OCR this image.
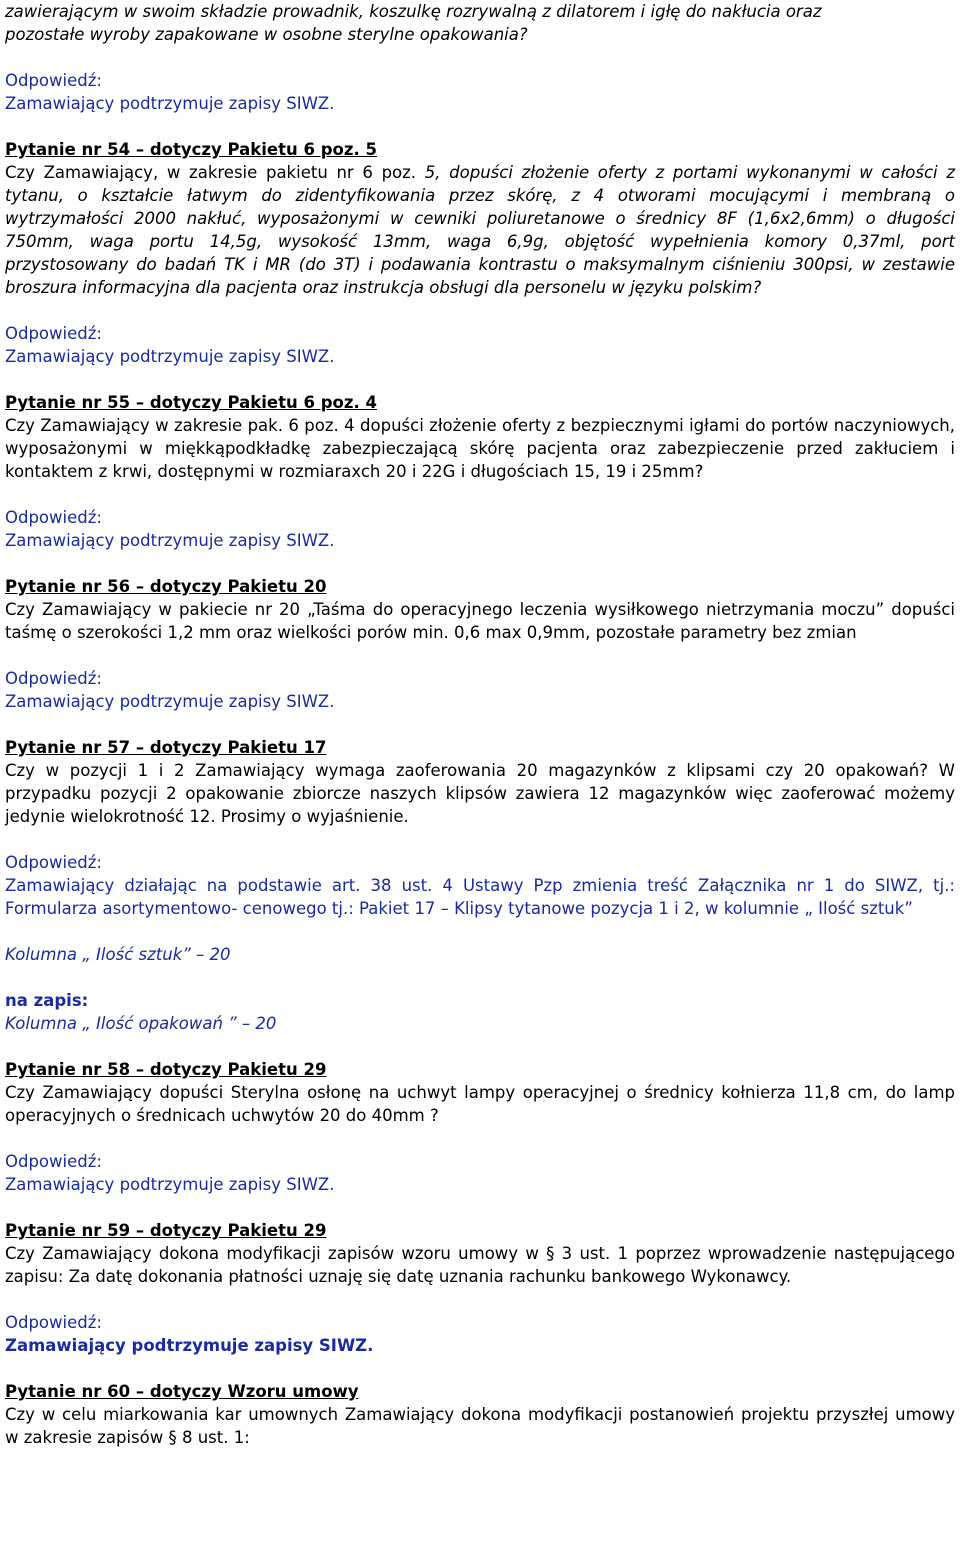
zawierającym w swoim składzie prowadnik, koszulkę rozrywalną z dilatorem i igłę do nakłucia oraz
pozostałe wyroby zapakowane w osobne sterylne opakowania?

Odpowiedź:
Zamawiający podtrzymuje zapisy SIWZ.

Pytanie nr 54 – dotyczy Pakietu 6 poz. 5
Czy Zamawiający, w zakresie pakietu nr 6 poz. 5, dopuści złożenie oferty z portami wykonanymi w całości z tytanu, o kształcie łatwym do zidentyfikowania przez skórę, z 4 otworami mocującymi i membraną o wytrzymałości 2000 nakłuć, wyposażonymi w cewniki poliuretanowe o średnicy 8F (1,6x2,6mm) o długości 750mm, waga portu 14,5g, wysokość 13mm, waga 6,9g, objętość wypełnienia komory 0,37ml, port przystosowany do badań TK i MR (do 3T) i podawania kontrastu o maksymalnym ciśnieniu 300psi, w zestawie broszura informacyjna dla pacjenta oraz instrukcja obsługi dla personelu w języku polskim?

Odpowiedź:
Zamawiający podtrzymuje zapisy SIWZ.

Pytanie nr 55 – dotyczy Pakietu 6 poz. 4
Czy Zamawiający w zakresie pak. 6 poz. 4 dopuści złożenie oferty z bezpiecznymi igłami do portów naczyniowych, wyposażonymi w miękkąpodkładkę zabezpieczającą skórę pacjenta oraz zabezpieczenie przed zakłuciem i kontaktem z krwi, dostępnymi w rozmiaraxch 20 i 22G i długościach 15, 19 i 25mm?

Odpowiedź:
Zamawiający podtrzymuje zapisy SIWZ.

Pytanie nr 56 – dotyczy Pakietu 20
Czy Zamawiający w pakiecie nr 20 „Taśma do operacyjnego leczenia wysiłkowego nietrzymania moczu” dopuści taśmę o szerokości 1,2 mm oraz wielkości porów min. 0,6 max 0,9mm, pozostałe parametry bez zmian

Odpowiedź:
Zamawiający podtrzymuje zapisy SIWZ.

Pytanie nr 57 – dotyczy Pakietu 17
Czy w pozycji 1 i 2 Zamawiający wymaga zaoferowania 20 magazynków z klipsami czy 20 opakowań? W przypadku pozycji 2 opakowanie zbiorcze naszych klipsów zawiera 12 magazynków więc zaoferować możemy jedynie wielokrotność 12. Prosimy o wyjaśnienie.

Odpowiedź:
Zamawiający działając na podstawie art. 38 ust. 4 Ustawy Pzp zmienia treść Załącznika nr 1 do SIWZ, tj.: Formularza asortymentowo- cenowego tj.: Pakiet 17 – Klipsy tytanowe pozycja 1 i 2, w kolumnie „ Ilość sztuk”

Kolumna „ Ilość sztuk” – 20

na zapis:
Kolumna „ Ilość opakowań ” – 20

Pytanie nr 58 – dotyczy Pakietu 29
Czy Zamawiający dopuści Sterylna osłonę na uchwyt lampy operacyjnej o średnicy kołnierza 11,8 cm, do lamp operacyjnych o średnicach uchwytów 20 do 40mm ?

Odpowiedź:
Zamawiający podtrzymuje zapisy SIWZ.

Pytanie nr 59 – dotyczy Pakietu 29
Czy Zamawiający dokona modyfikacji zapisów wzoru umowy w § 3 ust. 1 poprzez wprowadzenie następującego zapisu: Za datę dokonania płatności uznaję się datę uznania rachunku bankowego Wykonawcy.

Odpowiedź:
Zamawiający podtrzymuje zapisy SIWZ.

Pytanie nr 60 – dotyczy Wzoru umowy
Czy w celu miarkowania kar umownych Zamawiający dokona modyfikacji postanowień projektu przyszłej umowy w zakresie zapisów § 8 ust. 1:
